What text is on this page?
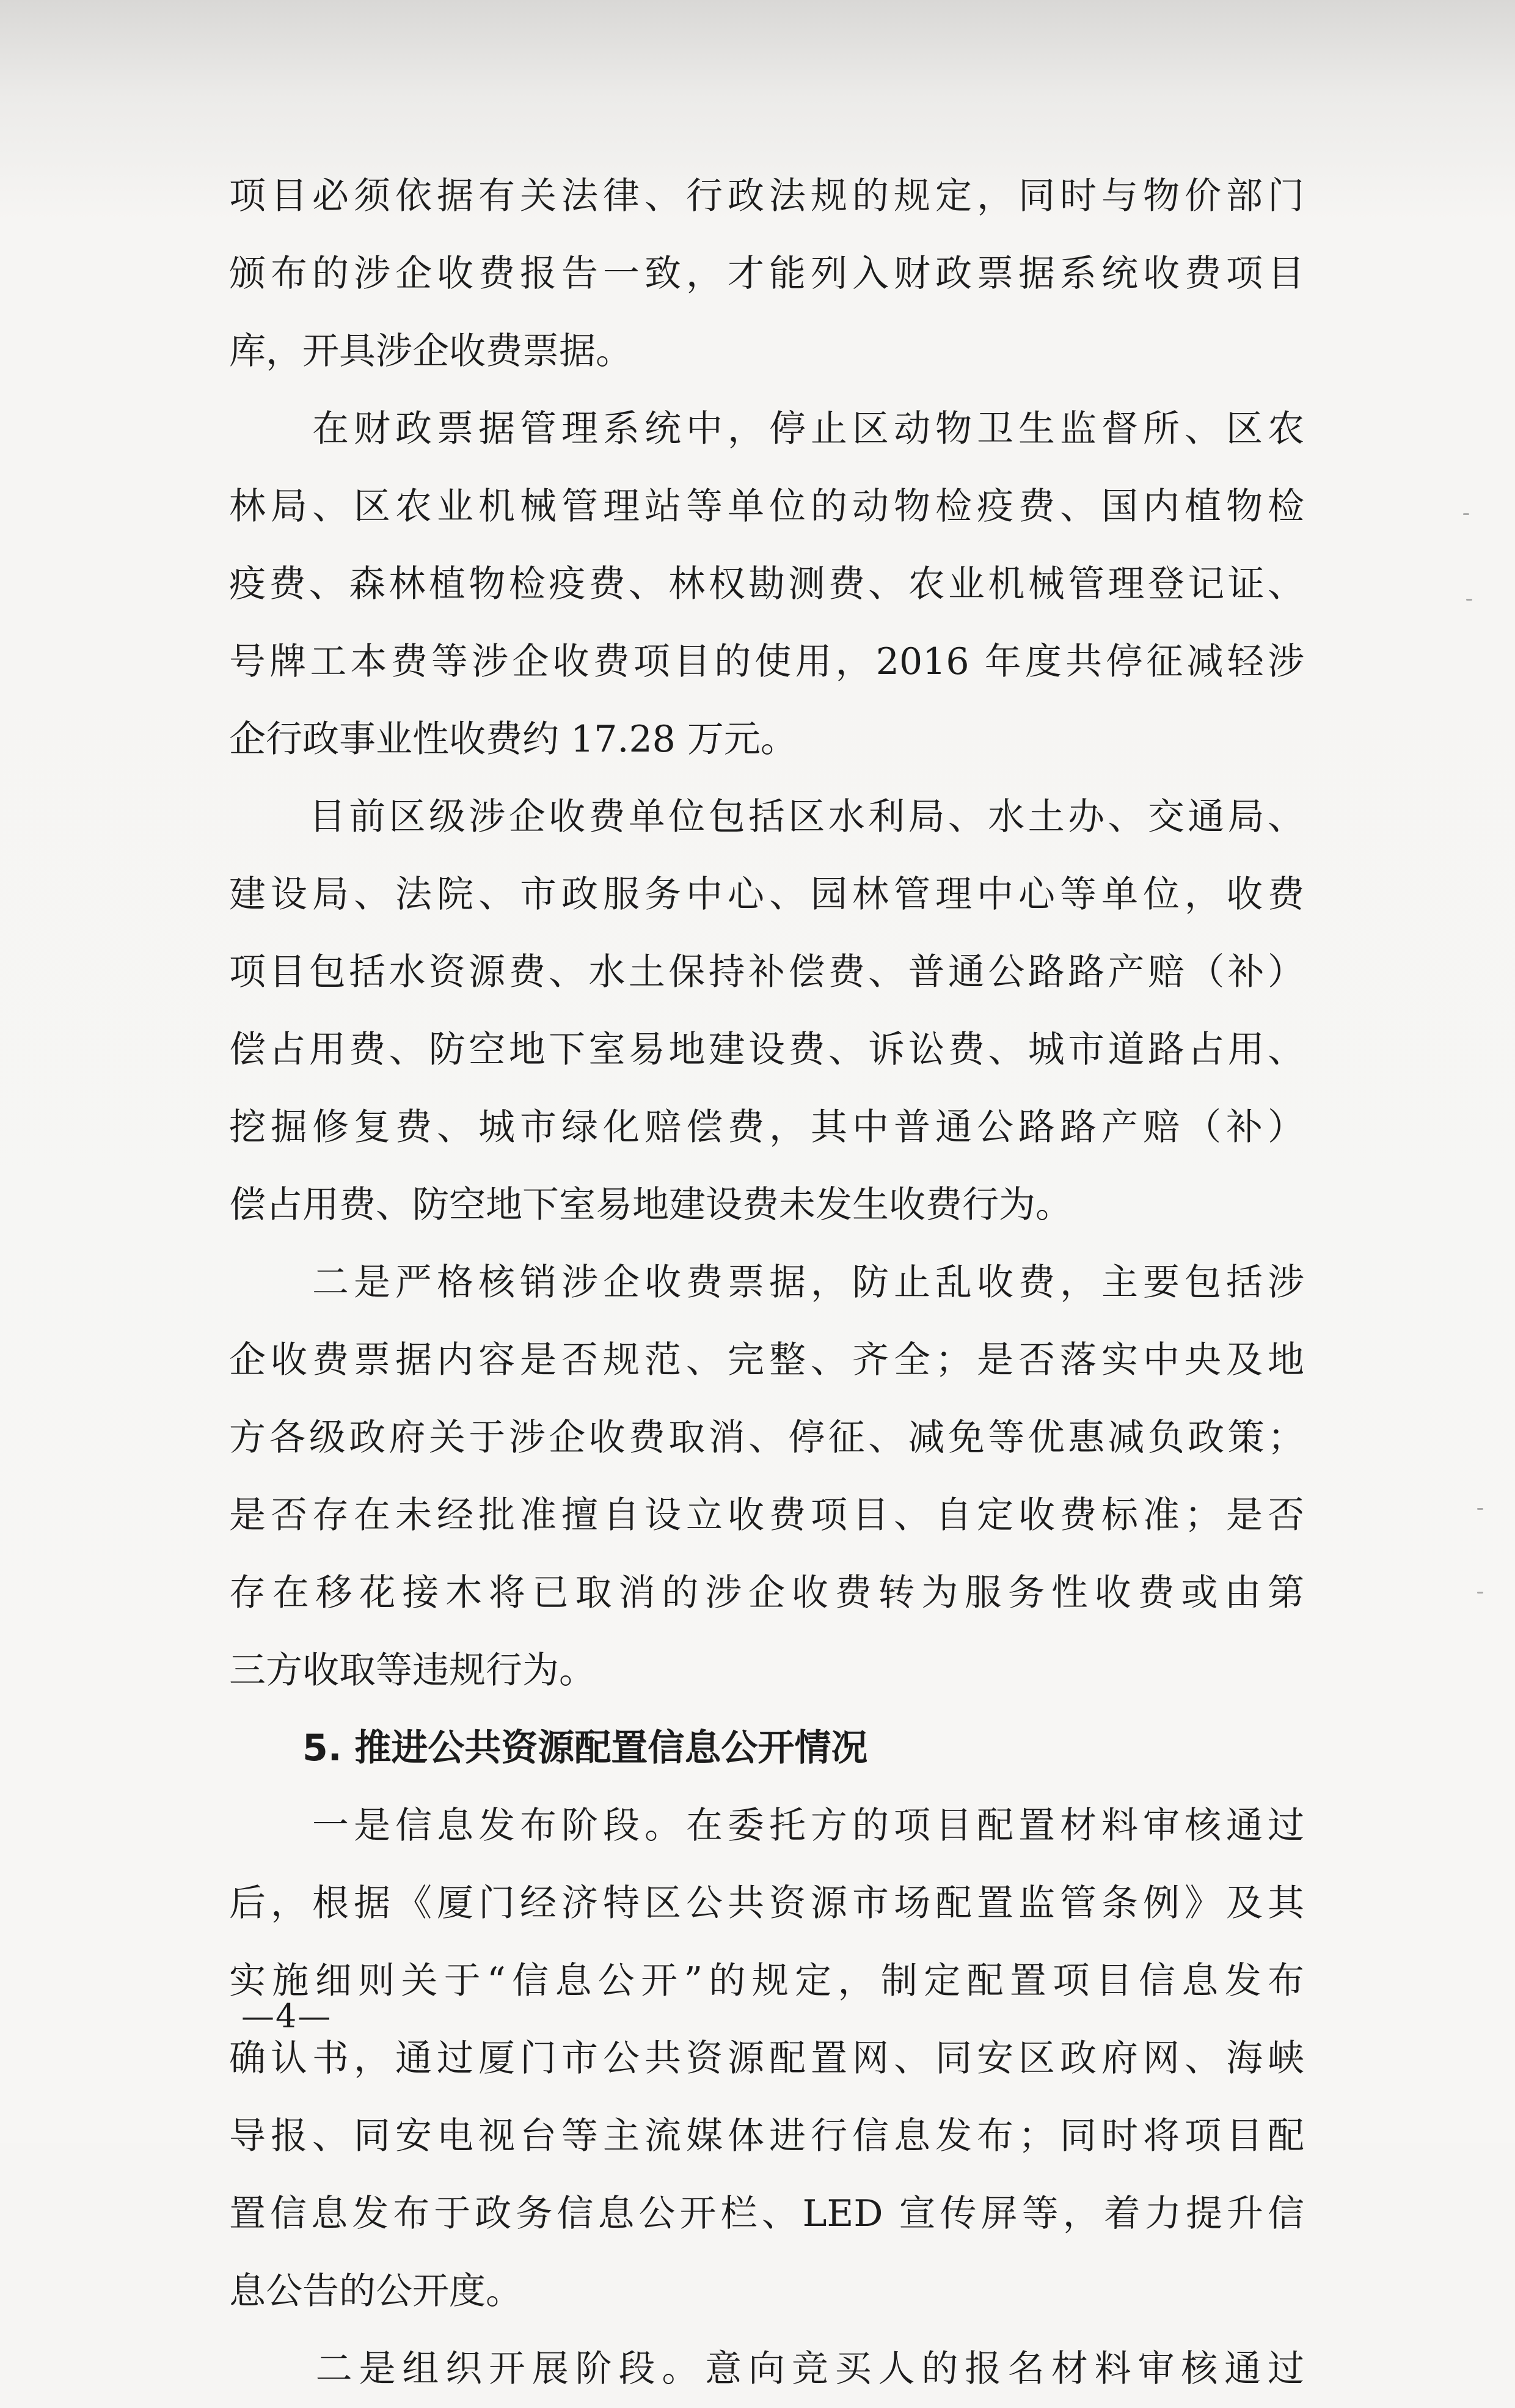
项目必须依据有关法律、行政法规的规定，同时与物价部门
颁布的涉企收费报告一致，才能列入财政票据系统收费项目
库，开具涉企收费票据。
　　在财政票据管理系统中，停止区动物卫生监督所、区农
林局、区农业机械管理站等单位的动物检疫费、国内植物检
疫费、森林植物检疫费、林权勘测费、农业机械管理登记证、
号牌工本费等涉企收费项目的使用，2016 年度共停征减轻涉
企行政事业性收费约 17.28 万元。
　　目前区级涉企收费单位包括区水利局、水土办、交通局、
建设局、法院、市政服务中心、园林管理中心等单位，收费
项目包括水资源费、水土保持补偿费、普通公路路产赔（补）
偿占用费、防空地下室易地建设费、诉讼费、城市道路占用、
挖掘修复费、城市绿化赔偿费，其中普通公路路产赔（补）
偿占用费、防空地下室易地建设费未发生收费行为。
　　二是严格核销涉企收费票据，防止乱收费，主要包括涉
企收费票据内容是否规范、完整、齐全；是否落实中央及地
方各级政府关于涉企收费取消、停征、减免等优惠减负政策；
是否存在未经批准擅自设立收费项目、自定收费标准；是否
存在移花接木将已取消的涉企收费转为服务性收费或由第
三方收取等违规行为。
　　5. 推进公共资源配置信息公开情况
　　一是信息发布阶段。在委托方的项目配置材料审核通过
后，根据《厦门经济特区公共资源市场配置监管条例》及其
实施细则关于“信息公开”的规定，制定配置项目信息发布
确认书，通过厦门市公共资源配置网、同安区政府网、海峡
导报、同安电视台等主流媒体进行信息发布；同时将项目配
置信息发布于政务信息公开栏、LED 宣传屏等，着力提升信
息公告的公开度。
　　二是组织开展阶段。意向竞买人的报名材料审核通过
—4—
